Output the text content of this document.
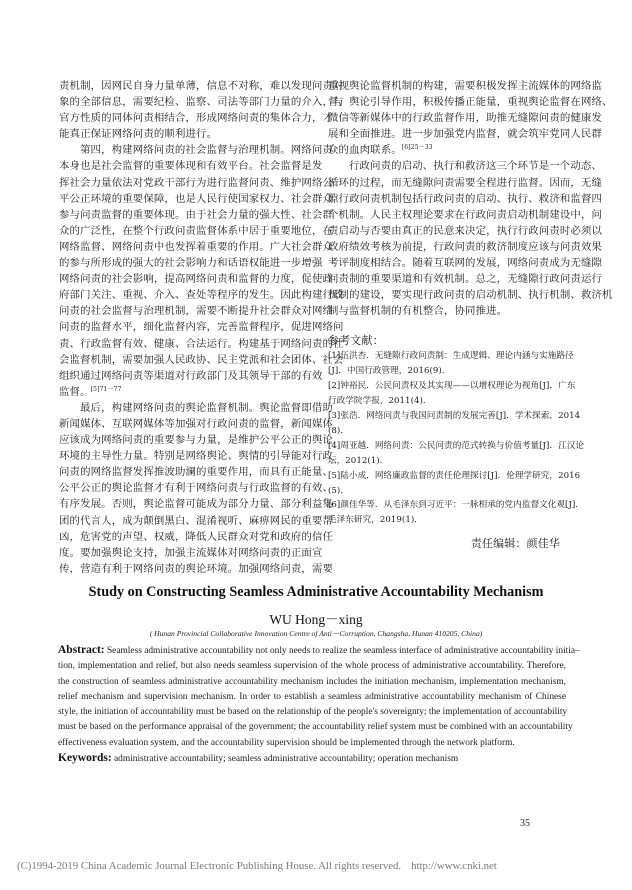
责机制，因网民自身力量单薄，信息不对称，难以发现问责对
象的全部信息，需要纪检、监察、司法等部门力量的介入，与
官方性质的同体问责相结合，形成网络问责的集体合力，才
能真正保证网络问责的顺利进行。
第四，构建网络问责的社会监督与治理机制。网络问责
本身也是社会监督的重要体现和有效平台。社会监督是发
挥社会力量依法对党政干部行为进行监督问责、维护网络公
平公正环境的重要保障，也是人民行使国家权力、社会群众
参与问责监督的重要体现。由于社会力量的强大性、社会群
众的广泛性，在整个行政问责监督体系中居于重要地位，在
网络监督、网络问责中也发挥着重要的作用。广大社会群众
的参与所形成的强大的社会影响力和话语权能进一步增强
网络问责的社会影响，提高网络问责和监督的力度，促使政
府部门关注、重视、介入、查处等程序的发生。因此构建行政
问责的社会监督与治理机制，需要不断提升社会群众对网络
问责的监督水平，细化监督内容，完善监督程序，促进网络问
责、行政监督有效、健康、合法运行。构建基于网络问责的社
会监督机制，需要加强人民政协、民主党派和社会团体、社会
组织通过网络问责等渠道对行政部门及其领导干部的有效
监督。$^{[5]71-77}$
最后，构建网络问责的舆论监督机制。舆论监督即借助
新闻媒体、互联网媒体等加强对行政问责的监督，新闻媒体
应该成为网络问责的重要参与力量，是维护公平公正的舆论
环境的主导性力量。特别是网络舆论、舆情的引导能对行政
问责的网络监督发挥推波助澜的重要作用，而具有正能量、
公平公正的舆论监督才有利于网络问责与行政监督的有效、
有序发展。否则，舆论监督可能成为部分力量、部分利益集
团的代言人，成为颠倒黑白、混淆视听、麻痹网民的重要帮
凶，危害党的声望、权威，降低人民群众对党和政府的信任
度。要加强舆论支持，加强主流媒体对网络问责的正面宣
传，营造有利于网络问责的舆论环境。加强网络问责，需要
重视舆论监督机制的构建，需要积极发挥主流媒体的网络监
督、舆论引导作用，积极传播正能量，重视舆论监督在网络、
微信等新媒体中的行政监督作用，助推无缝隙问责的健康发
展和全面推进。进一步加强党内监督，就会筑牢党同人民群
众的血肉联系。$^{[6]25-33}$
行政问责的启动、执行和救济这三个环节是一个动态、
循环的过程，而无缝隙问责需要全程进行监督。因而，无缝
隙行政问责机制包括行政问责的启动、执行、救济和监督四
个机制。人民主权理论要求在行政问责启动机制建设中，问
责启动与否要由真正的民意来决定，执行行政问责时必须以
政府绩效考核为前提，行政问责的救济制度应该与问责效果
考评制度相结合。随着互联网的发展，网络问责成为无缝隙
问责制的重要渠道和有效机制。总之，无缝隙行政问责运行
机制的建设，要实现行政问责的启动机制、执行机制、救济机
制与监督机制的有机整合，协同推进。
参考文献：
[1]伍洪杏．无缝隙行政问责制：生成逻辑、理论内涵与实施路径
[J]．中国行政管理，2016(9)．
[2]钟裕民．公民问责权及其实现——以增权理论为视角[J]．广东
行政学院学报，2011(4)．
[3]张浩．网络问责与我国问责制的发展完善[J]．学术探索，2014
(8)．
[4]周亚越．网络问责：公民问责的范式转换与价值考量[J]．江汉论
坛，2012(1)．
[5]陆小成．网络廉政监督的责任伦理探讨[J]．伦理学研究，2016
(5)．
[6]颜佳华等．从毛泽东到习近平：一脉相承的党内监督文化观[J]．
毛泽东研究，2019(1)．
责任编辑：颜佳华
Study on Constructing Seamless Administrative Accountability Mechanism
WU Hong－xing
( Hunan Provincial Collaborative Innovation Centre of Anti－Corruption, Changsha, Hunan 410205, China)
Abstract: Seamless administrative accountability not only needs to realize the seamless interface of administrative accountability initia–
tion, implementation and relief, but also needs seamless supervision of the whole process of administrative accountability. Therefore,
the construction of seamless administrative accountability mechanism includes the initiation mechanism, implementation mechanism,
relief mechanism and supervision mechanism. In order to establish a seamless administrative accountability mechanism of Chinese
style, the initiation of accountability must be based on the relationship of the people's sovereignty; the implementation of accountability
must be based on the performance appraisal of the government; the accountability relief system must be combined with an accountability
effectiveness evaluation system, and the accountability supervision should be implemented through the network platform.
Keywords: administrative accountability; seamless administrative accountability; operation mechanism
35
(C)1994-2019 China Academic Journal Electronic Publishing House. All rights reserved. http://www.cnki.net
